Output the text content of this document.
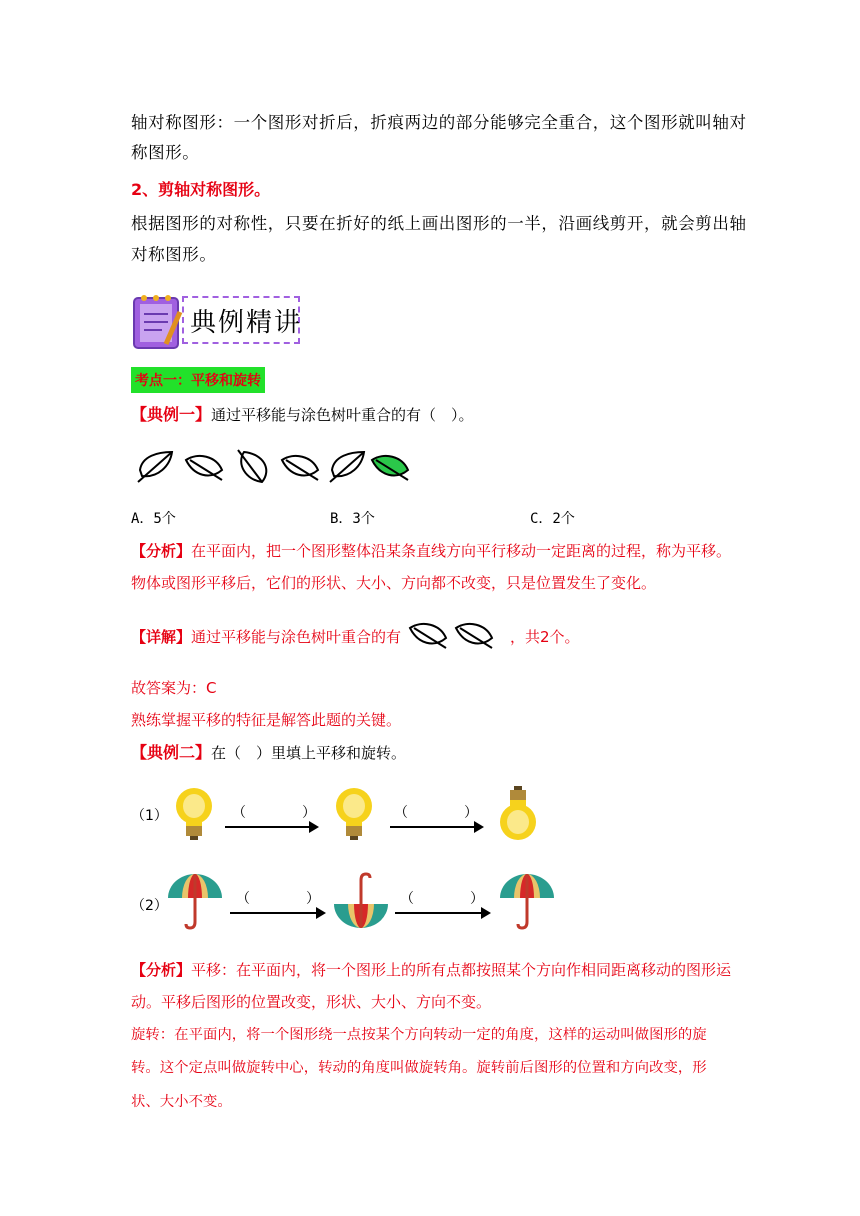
轴对称图形：一个图形对折后，折痕两边的部分能够完全重合，这个图形就叫轴对
称图形。
2、剪轴对称图形。
根据图形的对称性，只要在折好的纸上画出图形的一半，沿画线剪开，就会剪出轴
对称图形。
典例精讲
考点一：平移和旋转
【典例一】通过平移能与涂色树叶重合的有（　）。
A．5个	B．3个	C．2个
【分析】在平面内，把一个图形整体沿某条直线方向平行移动一定距离的过程，称为平移。
物体或图形平移后，它们的形状、大小、方向都不改变，只是位置发生了变化。
【详解】通过平移能与涂色树叶重合的有	，共2个。
故答案为：C
熟练掌握平移的特征是解答此题的关键。
【典例二】在（　）里填上平移和旋转。
（1）	（　　　　）	（　　　　）
（2）	（　　　　）	（　　　　）
【分析】平移：在平面内，将一个图形上的所有点都按照某个方向作相同距离移动的图形运
动。平移后图形的位置改变，形状、大小、方向不变。
旋转：在平面内，将一个图形绕一点按某个方向转动一定的角度，这样的运动叫做图形的旋
转。这个定点叫做旋转中心，转动的角度叫做旋转角。旋转前后图形的位置和方向改变，形
状、大小不变。
